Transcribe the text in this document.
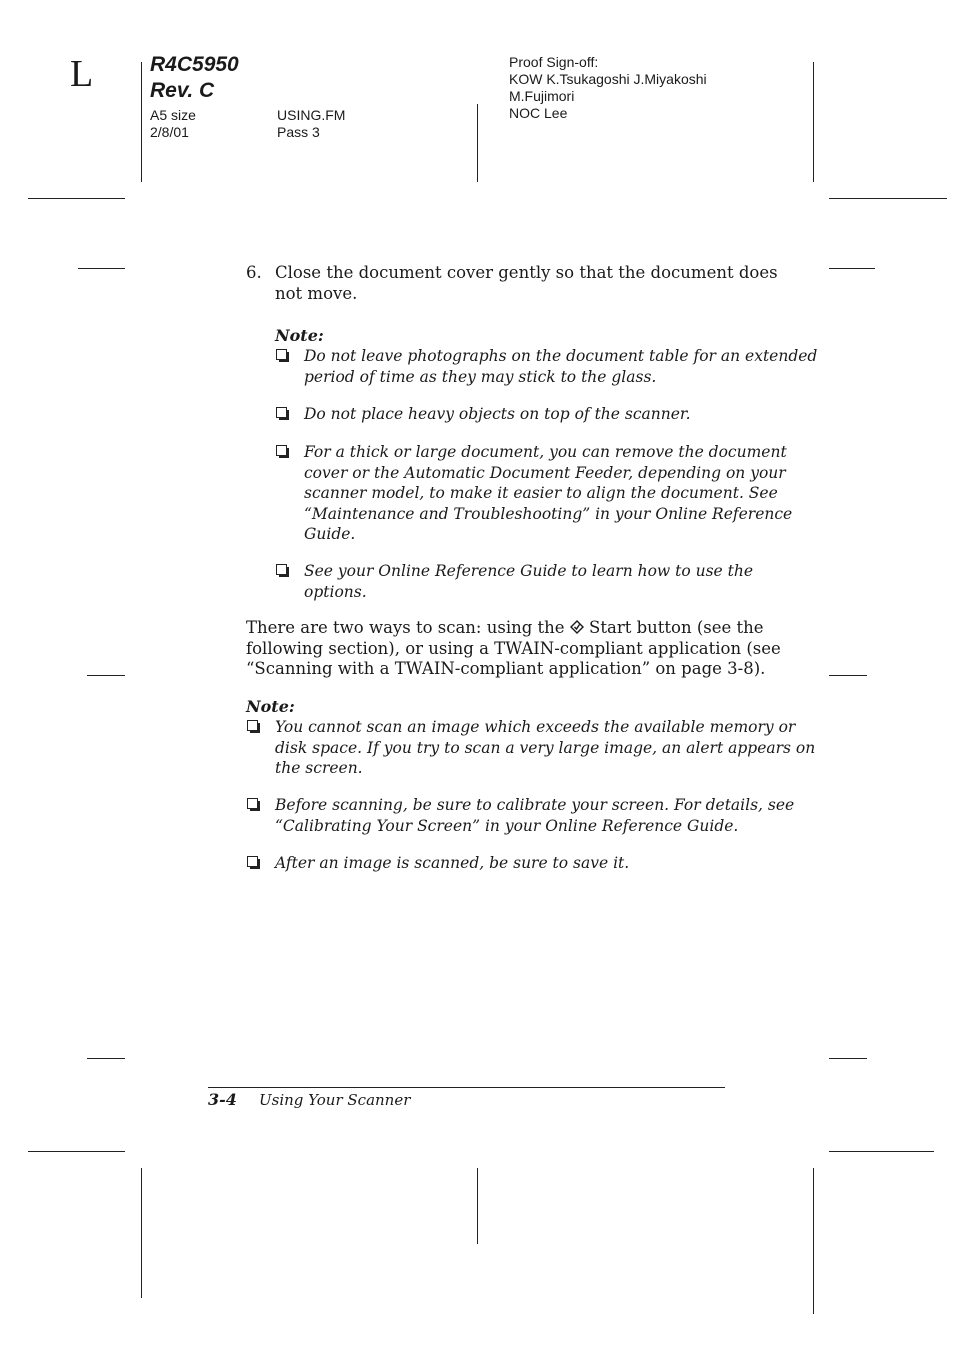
L	R4C5950
Rev. C
A5 size
2/8/01
USING.FM
Pass 3
Proof Sign-off:
KOW K.Tsukagoshi J.Miyakoshi
M.Fujimori
NOC Lee
6. Close the document cover gently so that the document does
not move.
Note:
Do not leave photographs on the document table for an extended
period of time as they may stick to the glass.
Do not place heavy objects on top of the scanner.
For a thick or large document, you can remove the document
cover or the Automatic Document Feeder, depending on your
scanner model, to make it easier to align the document. See
“Maintenance and Troubleshooting” in your Online Reference
Guide.
See your Online Reference Guide to learn how to use the
options.
There are two ways to scan: using the  Start button (see the
following section), or using a TWAIN-compliant application (see
“Scanning with a TWAIN-compliant application” on page 3-8).
Note:
You cannot scan an image which exceeds the available memory or
disk space. If you try to scan a very large image, an alert appears on
the screen.
Before scanning, be sure to calibrate your screen. For details, see
“Calibrating Your Screen” in your Online Reference Guide.
After an image is scanned, be sure to save it.
3-4 Using Your Scanner
